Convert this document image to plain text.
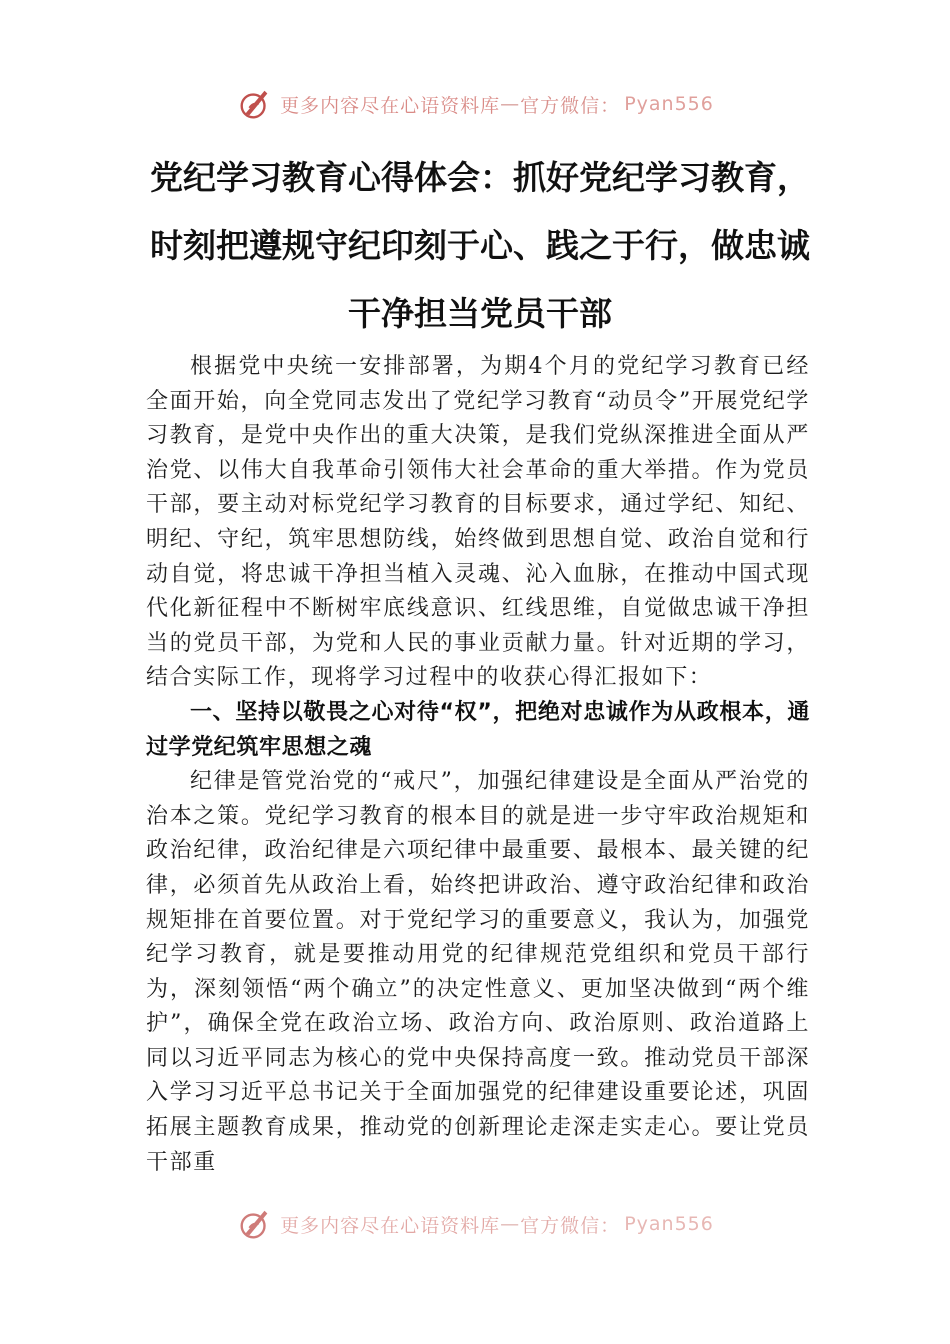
更多内容尽在心语资料库 — 官方微信： Pyan556
党纪学习教育心得体会：抓好党纪学习教育，时刻把遵规守纪印刻于心、践之于行，做忠诚干净担当党员干部

根据党中央统一安排部署，为期4个月的党纪学习教育已经全面开始，向全党同志发出了党纪学习教育“动员令”开展党纪学习教育，是党中央作出的重大决策，是我们党纵深推进全面从严治党、以伟大自我革命引领伟大社会革命的重大举措。作为党员干部，要主动对标党纪学习教育的目标要求，通过学纪、知纪、明纪、守纪，筑牢思想防线，始终做到思想自觉、政治自觉和行动自觉，将忠诚干净担当植入灵魂、沁入血脉，在推动中国式现代化新征程中不断树牢底线意识、红线思维，自觉做忠诚干净担当的党员干部，为党和人民的事业贡献力量。针对近期的学习，结合实际工作，现将学习过程中的收获心得汇报如下：

一、坚持以敬畏之心对待“权”，把绝对忠诚作为从政根本，通过学党纪筑牢思想之魂

纪律是管党治党的“戒尺”，加强纪律建设是全面从严治党的治本之策。党纪学习教育的根本目的就是进一步守牢政治规矩和政治纪律，政治纪律是六项纪律中最重要、最根本、最关键的纪律，必须首先从政治上看，始终把讲政治、遵守政治纪律和政治规矩排在首要位置。对于党纪学习的重要意义，我认为，加强党纪学习教育，就是要推动用党的纪律规范党组织和党员干部行为，深刻领悟“两个确立”的决定性意义、更加坚决做到“两个维护”，确保全党在政治立场、政治方向、政治原则、政治道路上同以习近平同志为核心的党中央保持高度一致。推动党员干部深入学习习近平总书记关于全面加强党的纪律建设重要论述，巩固拓展主题教育成果，推动党的创新理论走深走实走心。要让党员干部重

更多内容尽在心语资料库 — 官方微信： Pyan556
